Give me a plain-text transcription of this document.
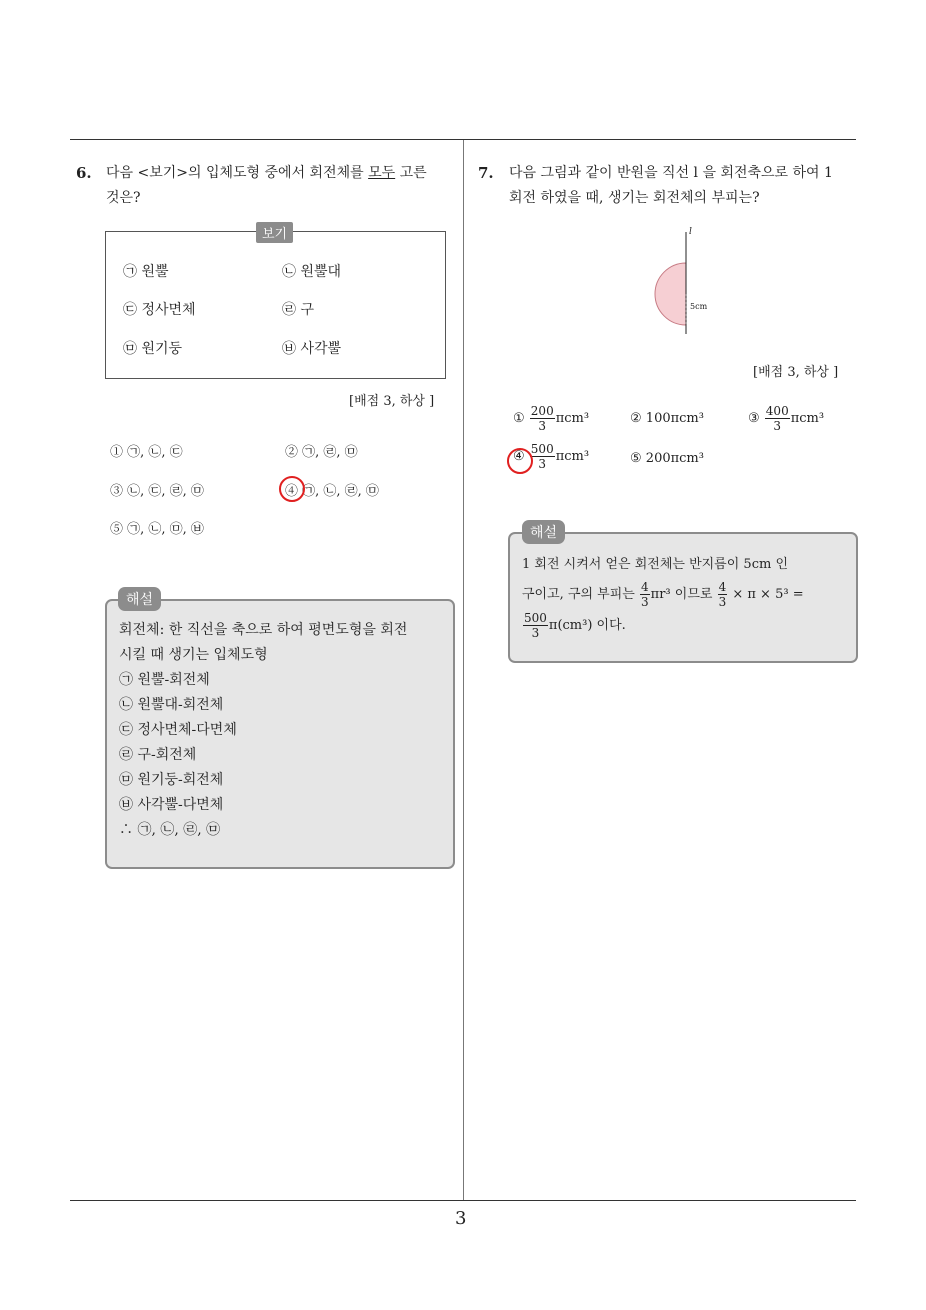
3
6. 다음 <보기>의 입체도형 중에서 회전체를 모두 고른
것은?
보기
㉠ 원뿔	㉡ 원뿔대
㉢ 정사면체	㉣ 구
㉤ 원기둥	㉥ 사각뿔
[배점 3, 하상 ]
① ㉠, ㉡, ㉢	② ㉠, ㉣, ㉤
③ ㉡, ㉢, ㉣, ㉤	④ ㉠, ㉡, ㉣, ㉤
⑤ ㉠, ㉡, ㉤, ㉥
해설
회전체: 한 직선을 축으로 하여 평면도형을 회전
시킬 때 생기는 입체도형
㉠ 원뿔-회전체
㉡ 원뿔대-회전체
㉢ 정사면체-다면체
㉣ 구-회전체
㉤ 원기둥-회전체
㉥ 사각뿔-다면체
∴ ㉠, ㉡, ㉣, ㉤
7. 다음 그림과 같이 반원을 직선 l 을 회전축으로 하여 1
회전 하였을 때, 생기는 회전체의 부피는?
l
5cm
[배점 3, 하상 ]
① $\frac{200}{3} \pi cm^3$	② 100πcm³	③ $\frac{400}{3} \pi cm^3$
④ $\frac{500}{3} \pi cm^3$	⑤ 200πcm³
해설
1 회전 시켜서 얻은 회전체는 반지름이 5cm 인
구이고, 구의 부피는 $\frac{4}{3} \pi r^3$ 이므로 $\frac{4}{3} \times \pi \times 5^3$ =
$\frac{500}{3} \pi(cm^3)$ 이다.
